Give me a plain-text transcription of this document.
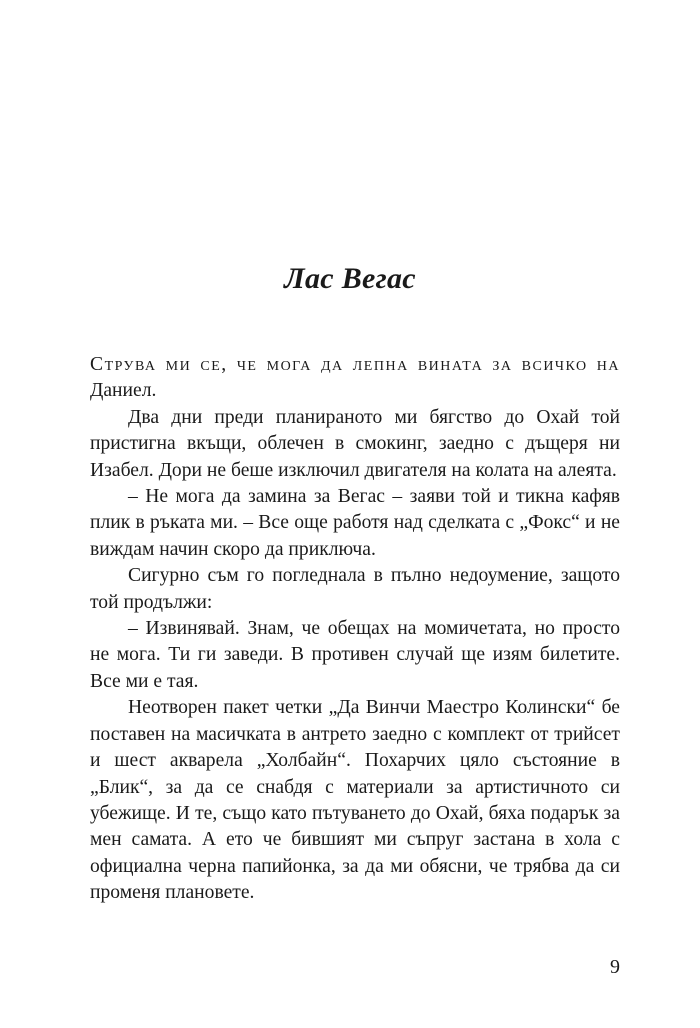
Лас Вегас

Струва ми се, че мога да лепна вината за всичко на Даниел.

Два дни преди планираното ми бягство до Охай той пристигна вкъщи, облечен в смокинг, заедно с дъщеря ни Изабел. Дори не беше изключил двигателя на колата на алеята.

– Не мога да замина за Вегас – заяви той и тикна кафяв плик в ръката ми. – Все още работя над сделката с „Фокс“ и не виждам начин скоро да приключа.

Сигурно съм го погледнала в пълно недоумение, защото той продължи:

– Извинявай. Знам, че обещах на момичетата, но просто не мога. Ти ги заведи. В противен случай ще изям билетите. Все ми е тая.

Неотворен пакет четки „Да Винчи Маестро Колински“ бе поставен на масичката в антрето заедно с комплект от трийсет и шест акварела „Холбайн“. Похарчих цяло състояние в „Блик“, за да се снабдя с материали за артистичното си убежище. И те, също като пътуването до Охай, бяха подарък за мен самата. А ето че бившият ми съпруг застана в хола с официална черна папийонка, за да ми обясни, че трябва да си променя плановете.

9
